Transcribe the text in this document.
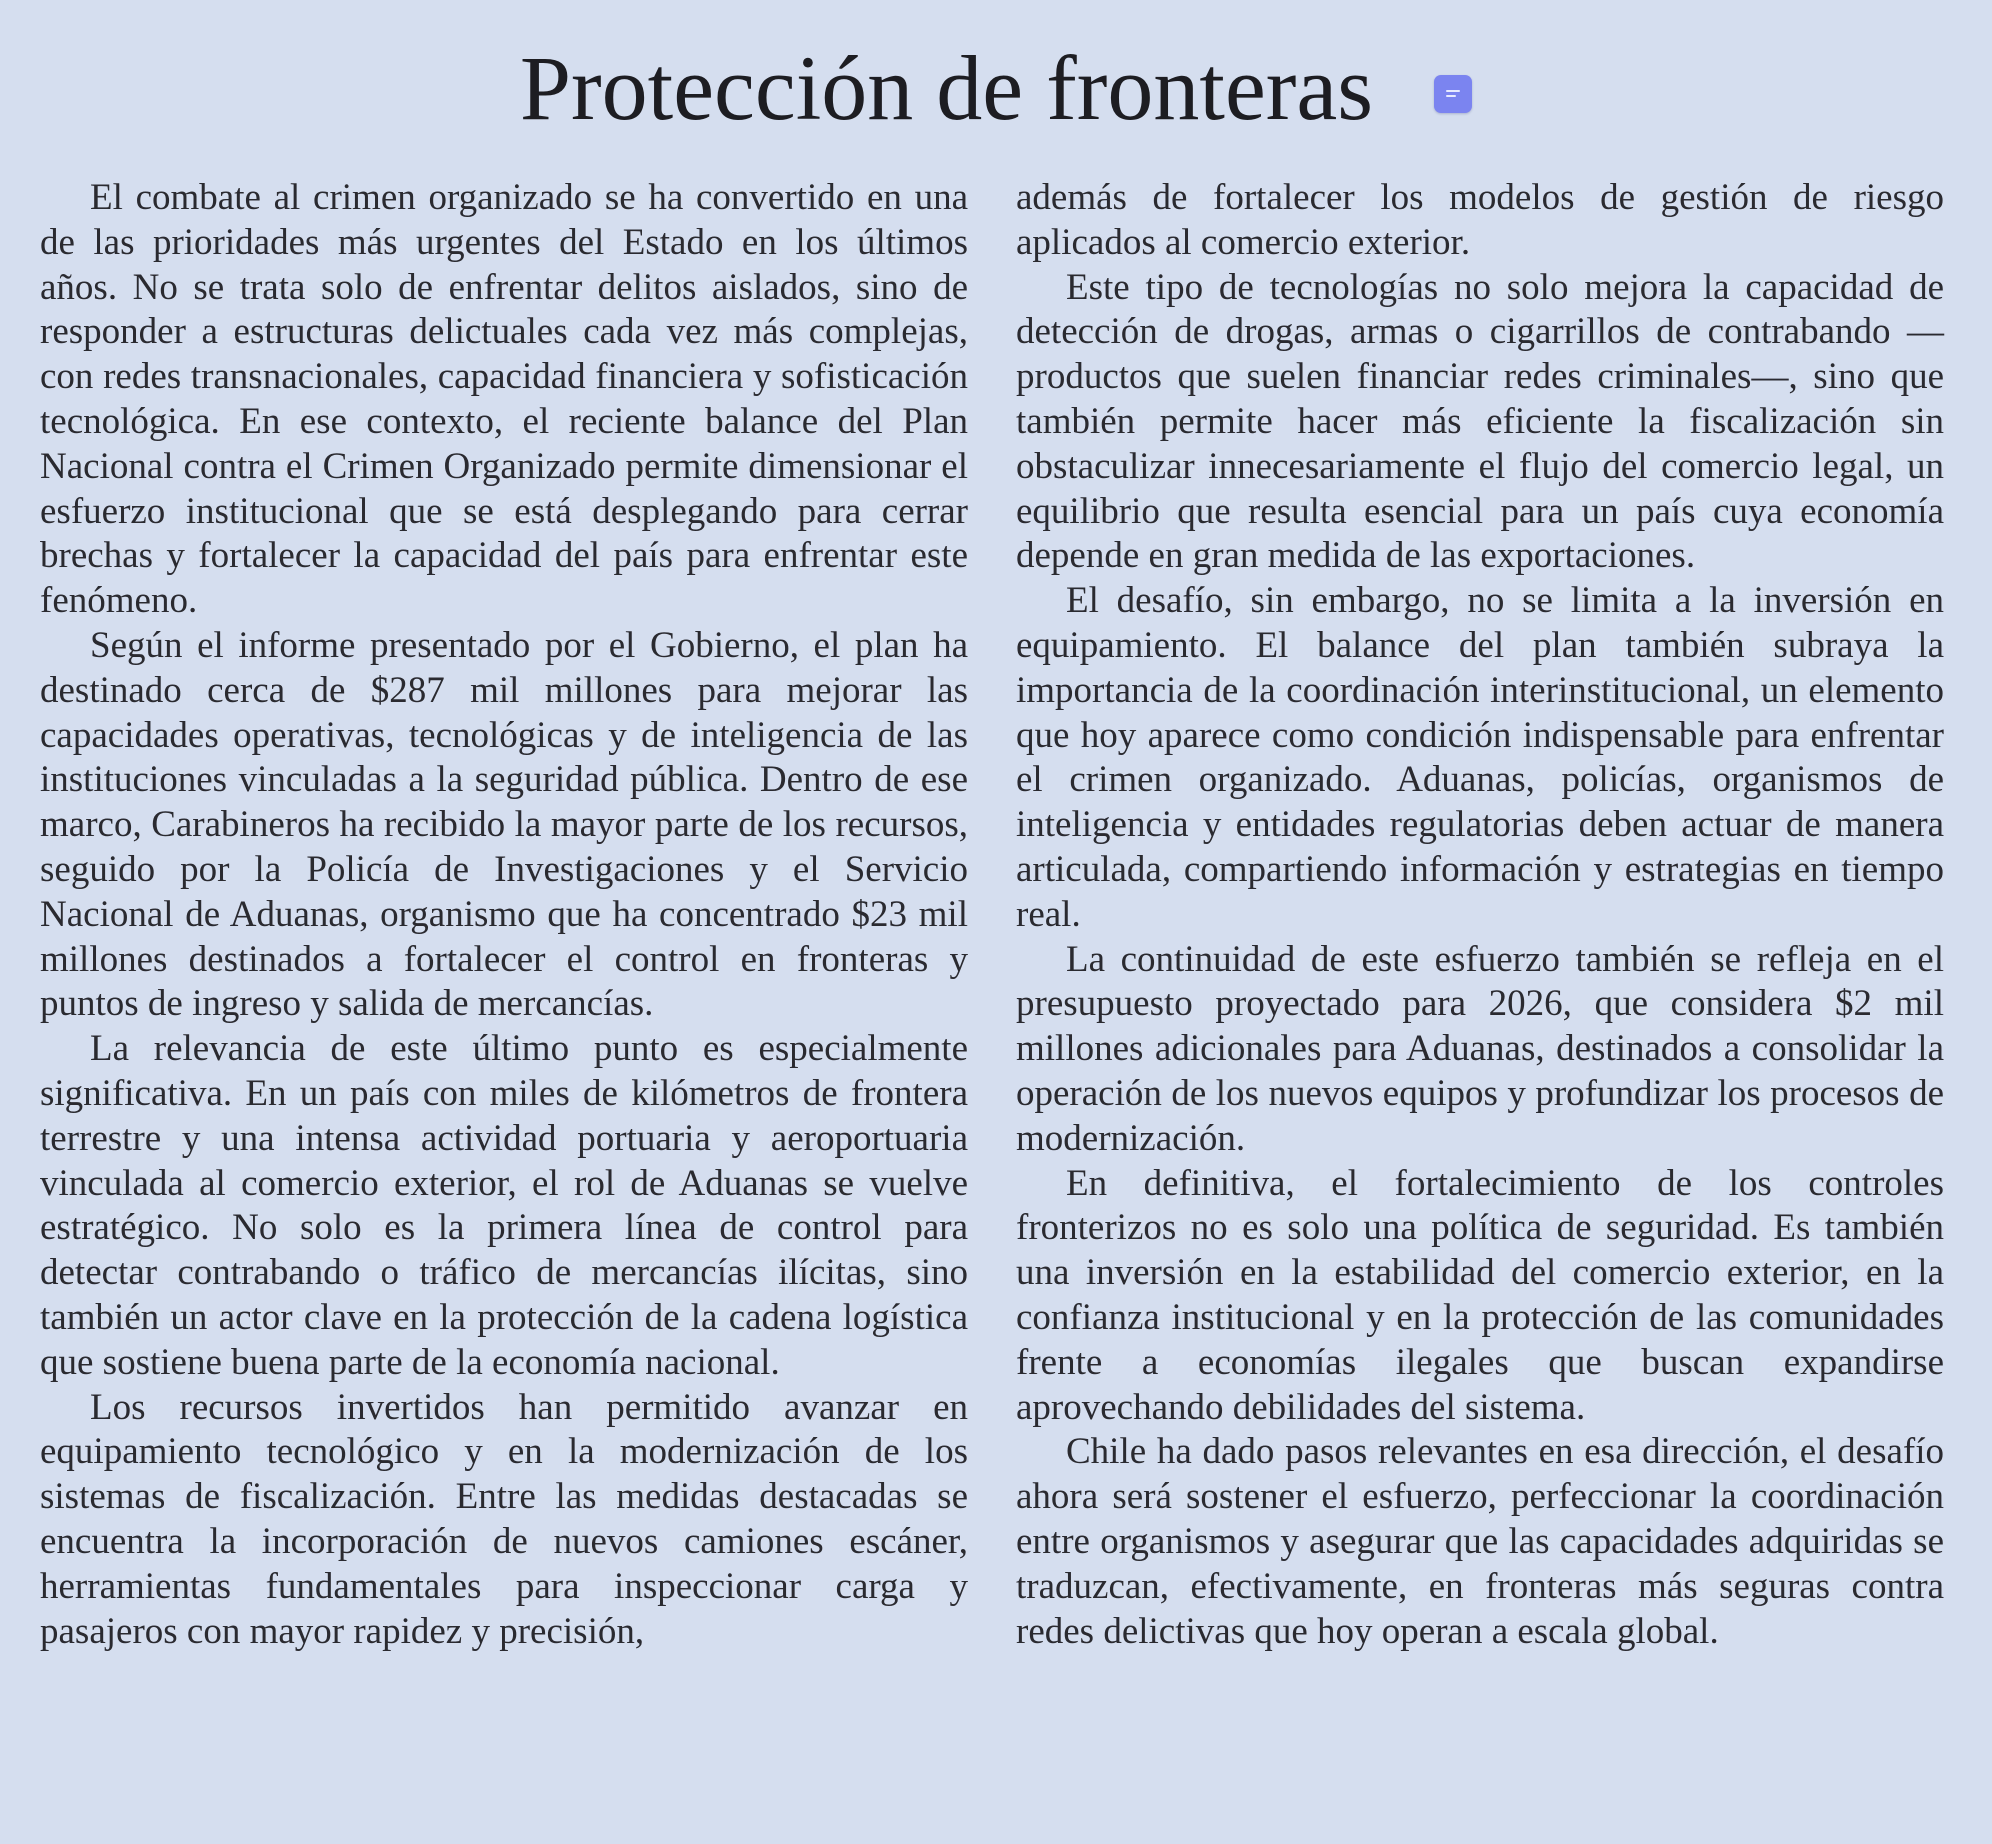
Protección de fronteras

El combate al crimen organizado se ha convertido en una de las prioridades más urgentes del Estado en los últimos años. No se trata solo de enfrentar delitos aislados, sino de responder a estructuras delictuales cada vez más complejas, con redes transnacionales, capacidad financiera y sofisticación tecnológica. En ese contexto, el reciente balance del Plan Nacional contra el Crimen Organizado permite dimensionar el esfuerzo institucional que se está desplegando para cerrar brechas y fortalecer la capacidad del país para enfrentar este fenómeno.

Según el informe presentado por el Gobierno, el plan ha destinado cerca de $287 mil millones para mejorar las capacidades operativas, tecnológicas y de inteligencia de las instituciones vinculadas a la seguridad pública. Dentro de ese marco, Carabineros ha recibido la mayor parte de los recursos, seguido por la Policía de Investigaciones y el Servicio Nacional de Aduanas, organismo que ha concentrado $23 mil millones destinados a fortalecer el control en fronteras y puntos de ingreso y salida de mercancías.

La relevancia de este último punto es especialmente significativa. En un país con miles de kilómetros de frontera terrestre y una intensa actividad portuaria y aeroportuaria vinculada al comercio exterior, el rol de Aduanas se vuelve estratégico. No solo es la primera línea de control para detectar contrabando o tráfico de mercancías ilícitas, sino también un actor clave en la protección de la cadena logística que sostiene buena parte de la economía nacional.

Los recursos invertidos han permitido avanzar en equipamiento tecnológico y en la modernización de los sistemas de fiscalización. Entre las medidas destacadas se encuentra la incorporación de nuevos camiones escáner, herramientas fundamentales para inspeccionar carga y pasajeros con mayor rapidez y precisión,

además de fortalecer los modelos de gestión de riesgo aplicados al comercio exterior.

Este tipo de tecnologías no solo mejora la capacidad de detección de drogas, armas o cigarrillos de contrabando —productos que suelen financiar redes criminales—, sino que también permite hacer más eficiente la fiscalización sin obstaculizar innecesariamente el flujo del comercio legal, un equilibrio que resulta esencial para un país cuya economía depende en gran medida de las exportaciones.

El desafío, sin embargo, no se limita a la inversión en equipamiento. El balance del plan también subraya la importancia de la coordinación interinstitucional, un elemento que hoy aparece como condición indispensable para enfrentar el crimen organizado. Aduanas, policías, organismos de inteligencia y entidades regulatorias deben actuar de manera articulada, compartiendo información y estrategias en tiempo real.

La continuidad de este esfuerzo también se refleja en el presupuesto proyectado para 2026, que considera $2 mil millones adicionales para Aduanas, destinados a consolidar la operación de los nuevos equipos y profundizar los procesos de modernización.

En definitiva, el fortalecimiento de los controles fronterizos no es solo una política de seguridad. Es también una inversión en la estabilidad del comercio exterior, en la confianza institucional y en la protección de las comunidades frente a economías ilegales que buscan expandirse aprovechando debilidades del sistema.

Chile ha dado pasos relevantes en esa dirección, el desafío ahora será sostener el esfuerzo, perfeccionar la coordinación entre organismos y asegurar que las capacidades adquiridas se traduzcan, efectivamente, en fronteras más seguras contra redes delictivas que hoy operan a escala global.
